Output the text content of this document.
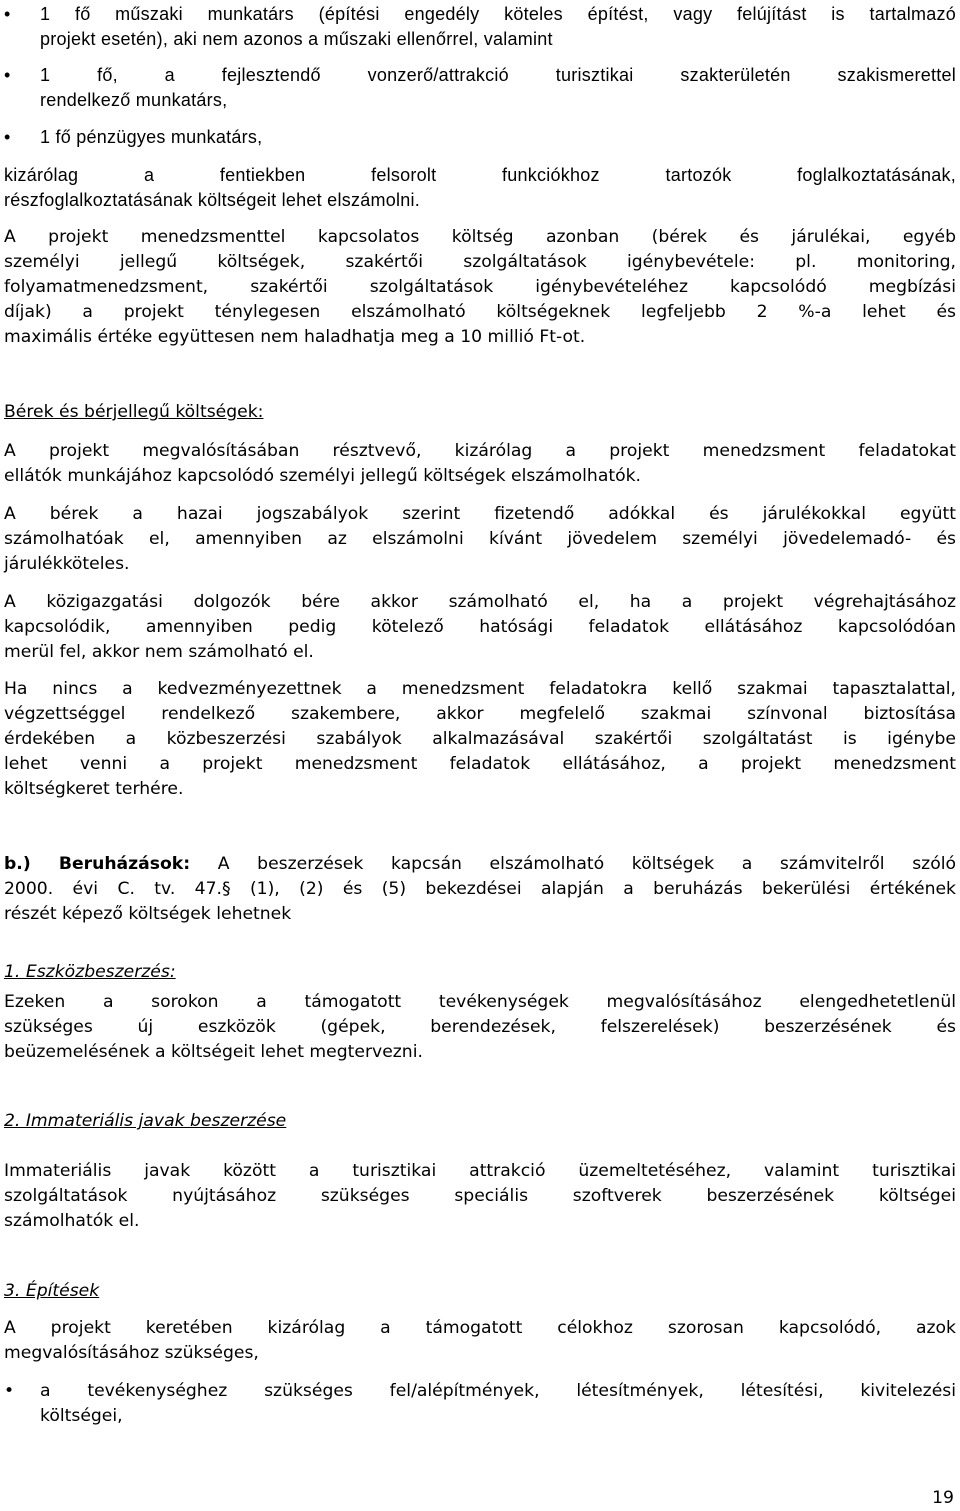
•	1 fő műszaki munkatárs (építési engedély köteles építést, vagy felújítást is tartalmazó
projekt esetén), aki nem azonos a műszaki ellenőrrel, valamint
•	1 fő, a fejlesztendő vonzerő/attrakció turisztikai szakterületén szakismerettel
rendelkező munkatárs,
•	1 fő pénzügyes munkatárs,
kizárólag a fentiekben felsorolt funkciókhoz tartozók foglalkoztatásának,
részfoglalkoztatásának költségeit lehet elszámolni.
A projekt menedzsmenttel kapcsolatos költség azonban (bérek és járulékai, egyéb
személyi jellegű költségek, szakértői szolgáltatások igénybevétele: pl. monitoring,
folyamatmenedzsment, szakértői szolgáltatások igénybevételéhez kapcsolódó megbízási
díjak) a projekt ténylegesen elszámolható költségeknek legfeljebb 2 %-a lehet és
maximális értéke együttesen nem haladhatja meg a 10 millió Ft-ot.
Bérek és bérjellegű költségek:
A projekt megvalósításában résztvevő, kizárólag a projekt menedzsment feladatokat
ellátók munkájához kapcsolódó személyi jellegű költségek elszámolhatók.
A bérek a hazai jogszabályok szerint fizetendő adókkal és járulékokkal együtt
számolhatóak el, amennyiben az elszámolni kívánt jövedelem személyi jövedelemadó- és
járulékköteles.
A közigazgatási dolgozók bére akkor számolható el, ha a projekt végrehajtásához
kapcsolódik, amennyiben pedig kötelező hatósági feladatok ellátásához kapcsolódóan
merül fel, akkor nem számolható el.
Ha nincs a kedvezményezettnek a menedzsment feladatokra kellő szakmai tapasztalattal,
végzettséggel rendelkező szakembere, akkor megfelelő szakmai színvonal biztosítása
érdekében a közbeszerzési szabályok alkalmazásával szakértői szolgáltatást is igénybe
lehet venni a projekt menedzsment feladatok ellátásához, a projekt menedzsment
költségkeret terhére.
b.) Beruházások: A beszerzések kapcsán elszámolható költségek a számvitelről szóló
2000. évi C. tv. 47.§ (1), (2) és (5) bekezdései alapján a beruházás bekerülési értékének
részét képező költségek lehetnek
1. Eszközbeszerzés:
Ezeken a sorokon a támogatott tevékenységek megvalósításához elengedhetetlenül
szükséges új eszközök (gépek, berendezések, felszerelések) beszerzésének és
beüzemelésének a költségeit lehet megtervezni.
2. Immateriális javak beszerzése
Immateriális javak között a turisztikai attrakció üzemeltetéséhez, valamint turisztikai
szolgáltatások nyújtásához szükséges speciális szoftverek beszerzésének költségei
számolhatók el.
3. Építések
A projekt keretében kizárólag a támogatott célokhoz szorosan kapcsolódó, azok
megvalósításához szükséges,
•	a tevékenységhez szükséges fel/alépítmények, létesítmények, létesítési, kivitelezési
költségei,
19
